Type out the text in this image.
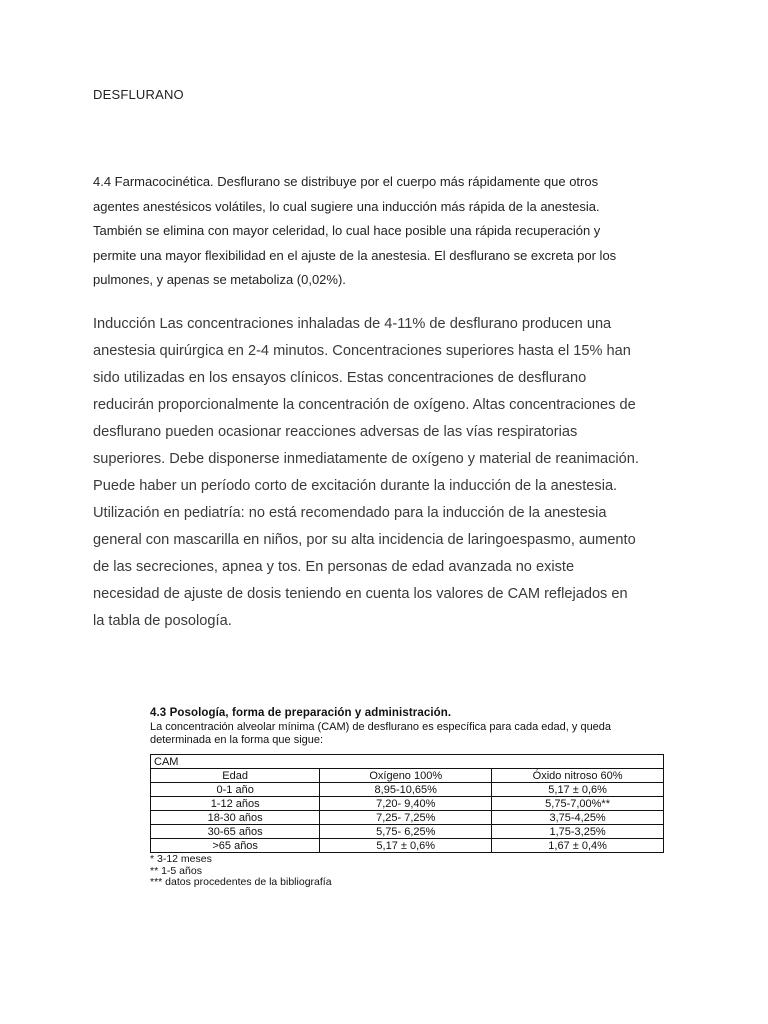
DESFLURANO

4.4 Farmacocinética. Desflurano se distribuye por el cuerpo más rápidamente que otros
agentes anestésicos volátiles, lo cual sugiere una inducción más rápida de la anestesia.
También se elimina con mayor celeridad, lo cual hace posible una rápida recuperación y
permite una mayor flexibilidad en el ajuste de la anestesia. El desflurano se excreta por los
pulmones, y apenas se metaboliza (0,02%).

Inducción Las concentraciones inhaladas de 4-11% de desflurano producen una
anestesia quirúrgica en 2-4 minutos. Concentraciones superiores hasta el 15% han
sido utilizadas en los ensayos clínicos. Estas concentraciones de desflurano
reducirán proporcionalmente la concentración de oxígeno. Altas concentraciones de
desflurano pueden ocasionar reacciones adversas de las vías respiratorias
superiores. Debe disponerse inmediatamente de oxígeno y material de reanimación.
Puede haber un período corto de excitación durante la inducción de la anestesia.
Utilización en pediatría: no está recomendado para la inducción de la anestesia
general con mascarilla en niños, por su alta incidencia de laringoespasmo, aumento
de las secreciones, apnea y tos. En personas de edad avanzada no existe
necesidad de ajuste de dosis teniendo en cuenta los valores de CAM reflejados en
la tabla de posología.

4.3 Posología, forma de preparación y administración.
La concentración alveolar mínima (CAM) de desflurano es específica para cada edad, y queda determinada en la forma que sigue:
CAM		
Edad	Oxígeno 100%	Óxido nitroso 60%
0-1 año	8,95-10,65%	5,17 ± 0,6%
1-12 años	7,20- 9,40%	5,75-7,00%**
18-30 años	7,25- 7,25%	3,75-4,25%
30-65 años	5,75- 6,25%	1,75-3,25%
>65 años	5,17 ± 0,6%	1,67 ± 0,4%
* 3-12 meses
** 1-5 años
*** datos procedentes de la bibliografía
